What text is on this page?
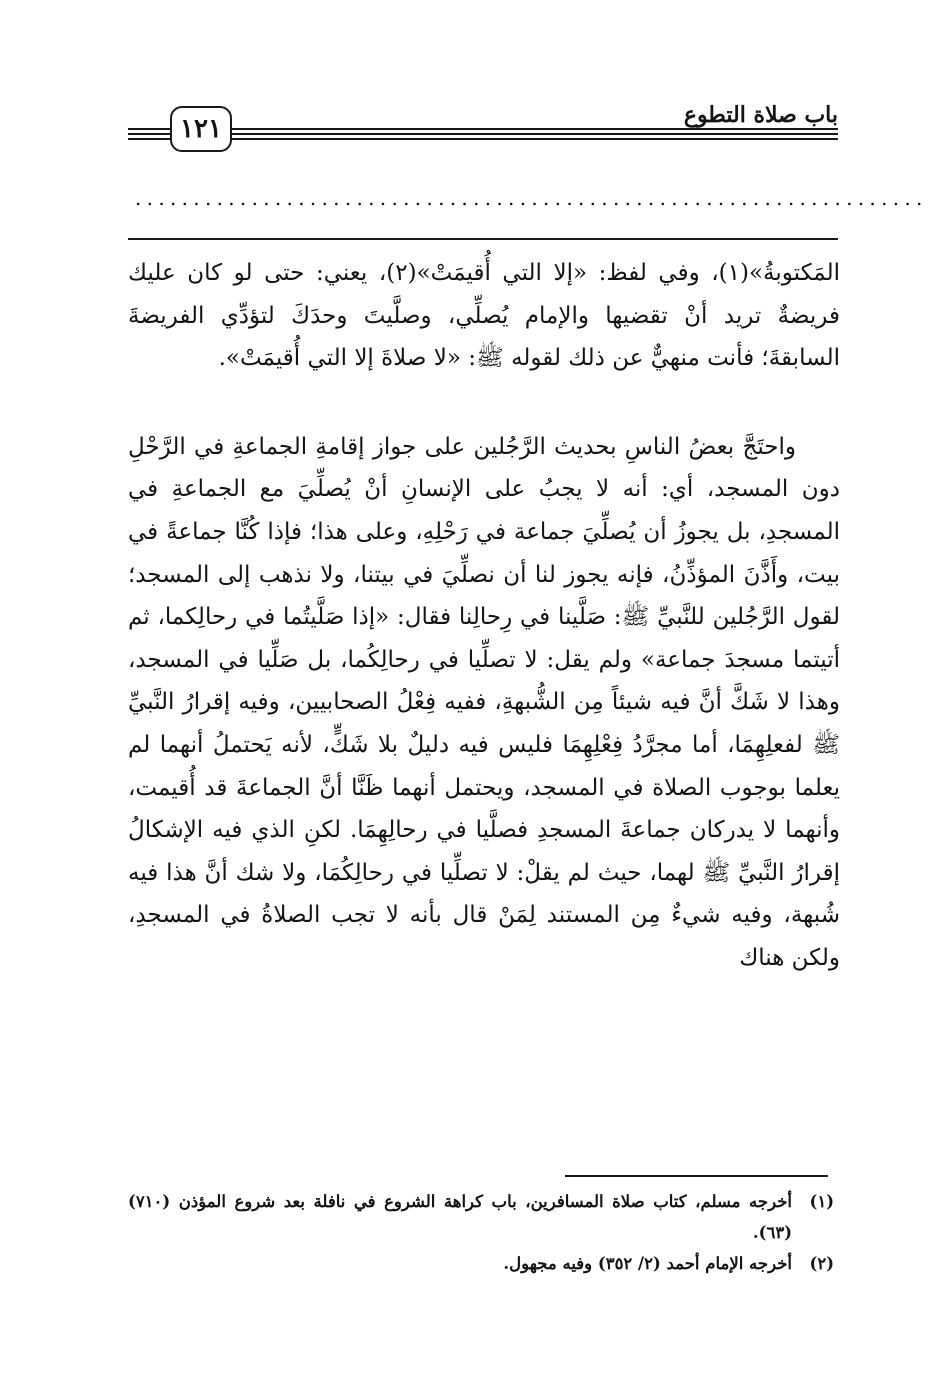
١٢١	باب صلاة التطوع
....................................................................

المَكتوبةُ»(١)، وفي لفظ: «إلا التي أُقيمَتْ»(٢)، يعني: حتى لو كان عليك فريضةٌ تريد أنْ تقضيها والإمام يُصلِّي، وصلَّيتَ وحدَكَ لتؤدِّي الفريضةَ السابقةَ؛ فأنت منهيٌّ عن ذلك لقوله ﷺ: «لا صلاةَ إلا التي أُقيمَتْ».

واحتَجَّ بعضُ الناسِ بحديث الرَّجُلين على جواز إقامةِ الجماعةِ في الرَّحْلِ دون المسجد، أي: أنه لا يجبُ على الإنسانِ أنْ يُصلِّيَ مع الجماعةِ في المسجدِ، بل يجوزُ أن يُصلِّيَ جماعة في رَحْلِهِ، وعلى هذا؛ فإذا كُنَّا جماعةً في بيت، وأَذَّنَ المؤذِّنُ، فإنه يجوز لنا أن نصلِّيَ في بيتنا، ولا نذهب إلى المسجد؛ لقول الرَّجُلين للنَّبيِّ ﷺ: صَلَّينا في رِحالِنا فقال: «إذا صَلَّيتُما في رحالِكما، ثم أتيتما مسجدَ جماعة» ولم يقل: لا تصلِّيا في رحالِكُما، بل صَلِّيا في المسجد، وهذا لا شَكَّ أنَّ فيه شيئاً مِن الشُّبهةِ، ففيه فِعْلُ الصحابيين، وفيه إقرارُ النَّبيِّ ﷺ لفعلِهِمَا، أما مجرَّدُ فِعْلِهِمَا فليس فيه دليلٌ بلا شَكٍّ، لأنه يَحتملُ أنهما لم يعلما بوجوب الصلاة في المسجد، ويحتمل أنهما ظَنَّا أنَّ الجماعةَ قد أُقيمت، وأنهما لا يدركان جماعةَ المسجدِ فصلَّيا في رحالِهِمَا. لكنِ الذي فيه الإشكالُ إقرارُ النَّبيِّ ﷺ لهما، حيث لم يقلْ: لا تصلِّيا في رحالِكُمَا، ولا شك أنَّ هذا فيه شُبهة، وفيه شيءٌ مِن المستند لِمَنْ قال بأنه لا تجب الصلاةُ في المسجدِ، ولكن هناك

(١)
أخرجه مسلم، كتاب صلاة المسافرين، باب كراهة الشروع في نافلة بعد شروع المؤذن (٧١٠) (٦٣).
(٢)
أخرجه الإمام أحمد (٢/ ٣٥٢) وفيه مجهول.
